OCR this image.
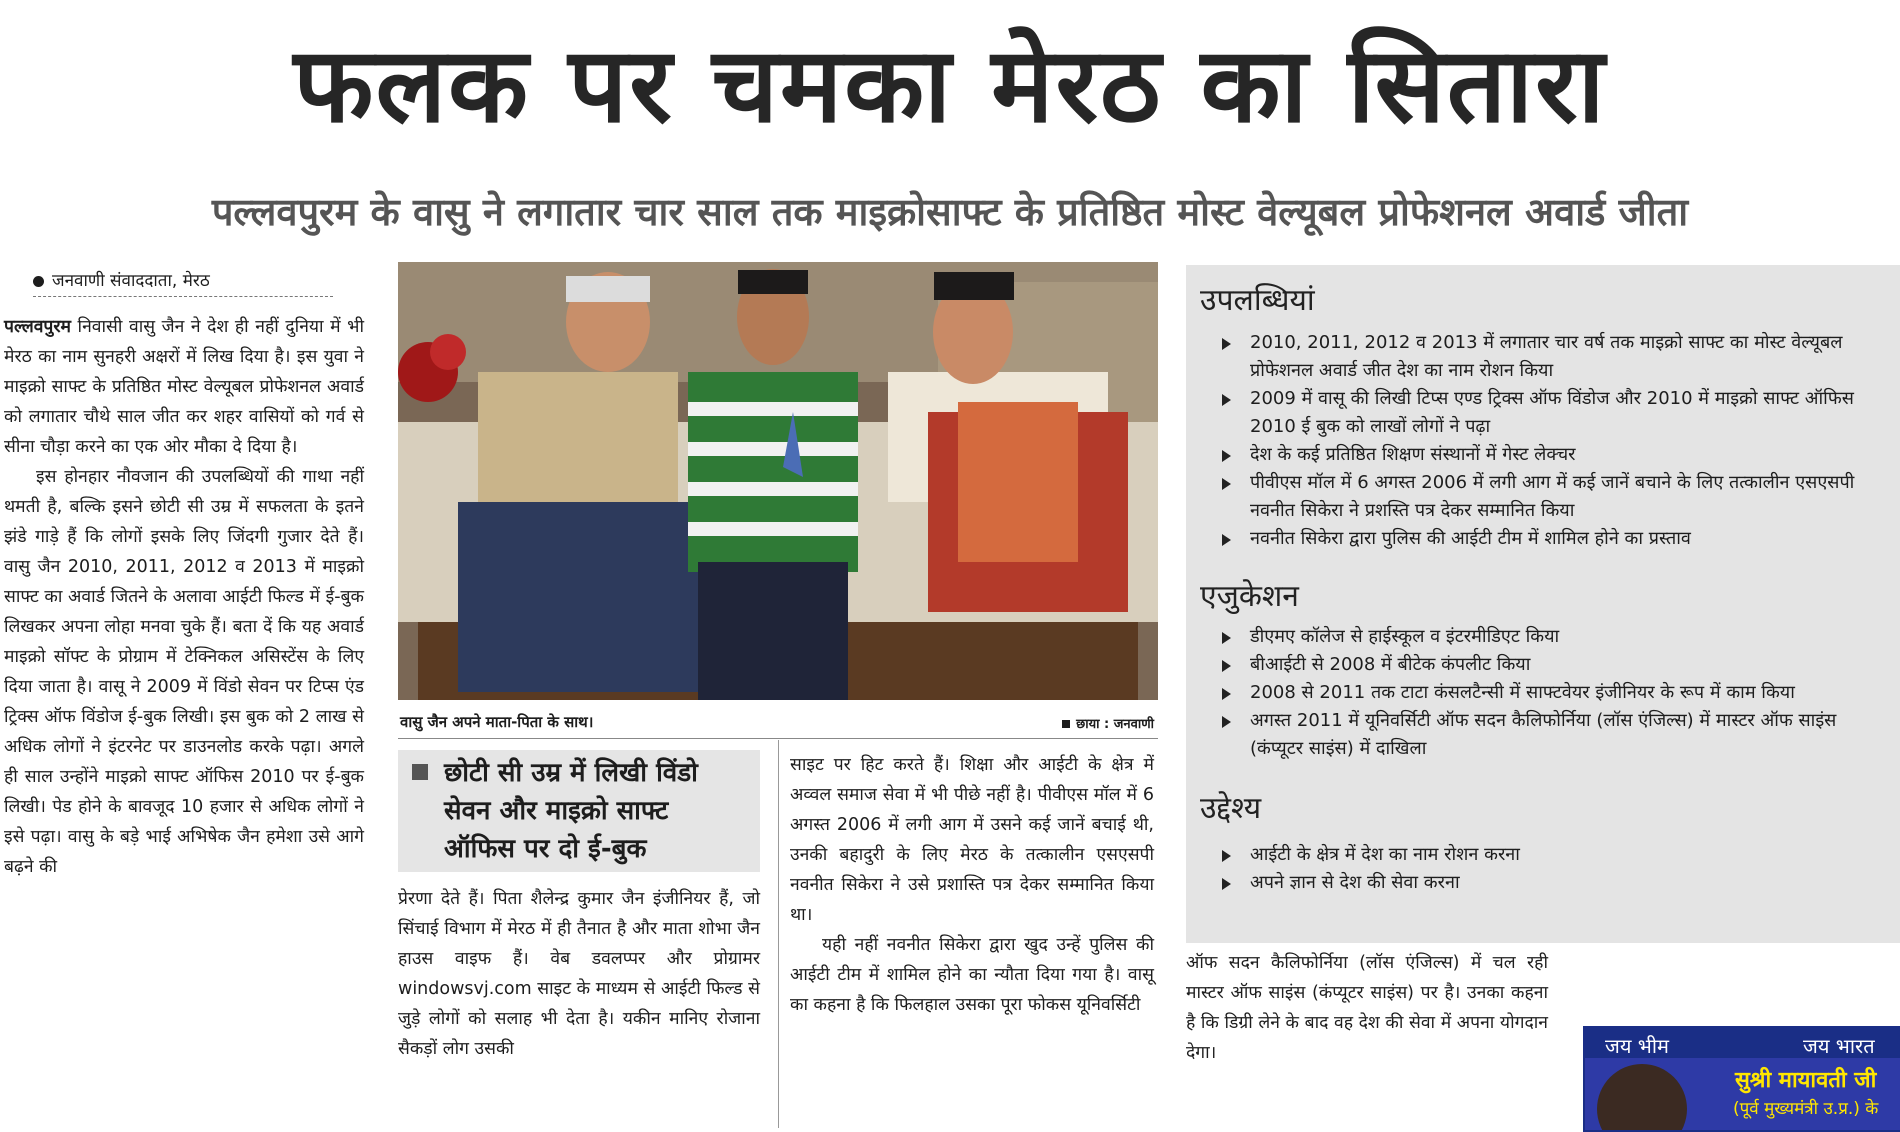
फलक पर चमका मेरठ का सितारा
पल्लवपुरम के वासु ने लगातार चार साल तक माइक्रोसाफ्ट के प्रतिष्ठित मोस्ट वेल्यूबल प्रोफेशनल अवार्ड जीता
जनवाणी संवाददाता, मेरठ

पल्लवपुरम निवासी वासु जैन ने देश ही नहीं दुनिया में भी मेरठ का नाम सुनहरी अक्षरों में लिख दिया है। इस युवा ने माइक्रो साफ्ट के प्रतिष्ठित मोस्ट वेल्यूबल प्रोफेशनल अवार्ड को लगातार चौथे साल जीत कर शहर वासियों को गर्व से सीना चौड़ा करने का एक ओर मौका दे दिया है।

इस होनहार नौवजान की उपलब्धियों की गाथा नहीं थमती है, बल्कि इसने छोटी सी उम्र में सफलता के इतने झंडे गाड़े हैं कि लोगों इसके लिए जिंदगी गुजार देते हैं। वासु जैन 2010, 2011, 2012 व 2013 में माइक्रो साफ्ट का अवार्ड जितने के अलावा आईटी फिल्ड में ई-बुक लिखकर अपना लोहा मनवा चुके हैं। बता दें कि यह अवार्ड माइक्रो सॉफ्ट के प्रोग्राम में टेक्निकल असिस्टेंस के लिए दिया जाता है। वासू ने 2009 में विंडो सेवन पर टिप्स एंड ट्रिक्स ऑफ विंडोज ई-बुक लिखी। इस बुक को 2 लाख से अधिक लोगों ने इंटरनेट पर डाउनलोड करके पढ़ा। अगले ही साल उन्होंने माइक्रो साफ्ट ऑफिस 2010 पर ई-बुक लिखी। पेड होने के बावजूद 10 हजार से अधिक लोगों ने इसे पढ़ा। वासु के बड़े भाई अभिषेक जैन हमेशा उसे आगे बढ़ने की

वासु जैन अपने माता-पिता के साथ।	छाया : जनवाणी
छोटी सी उम्र में लिखी विंडो सेवन और माइक्रो साफ्ट ऑफिस पर दो ई-बुक

प्रेरणा देते हैं। पिता शैलेन्द्र कुमार जैन इंजीनियर हैं, जो सिंचाई विभाग में मेरठ में ही तैनात है और माता शोभा जैन हाउस वाइफ हैं। वेब डवलप्पर और प्रोग्रामर windowsvj.com साइट के माध्यम से आईटी फिल्ड से जुड़े लोगों को सलाह भी देता है। यकीन मानिए रोजाना सैकड़ों लोग उसकी

साइट पर हिट करते हैं। शिक्षा और आईटी के क्षेत्र में अव्वल समाज सेवा में भी पीछे नहीं है। पीवीएस मॉल में 6 अगस्त 2006 में लगी आग में उसने कई जानें बचाई थी, उनकी बहादुरी के लिए मेरठ के तत्कालीन एसएसपी नवनीत सिकेरा ने उसे प्रशास्ति पत्र देकर सम्मानित किया था।

यही नहीं नवनीत सिकेरा द्वारा खुद उन्हें पुलिस की आईटी टीम में शामिल होने का न्यौता दिया गया है। वासू का कहना है कि फिलहाल उसका पूरा फोकस यूनिवर्सिटी

उपलब्धियां
2010, 2011, 2012 व 2013 में लगातार चार वर्ष तक माइक्रो साफ्ट का मोस्ट वेल्यूबल प्रोफेशनल अवार्ड जीत देश का नाम रोशन किया
2009 में वासू की लिखी टिप्स एण्ड ट्रिक्स ऑफ विंडोज और 2010 में माइक्रो साफ्ट ऑफिस 2010 ई बुक को लाखों लोगों ने पढ़ा
देश के कई प्रतिष्ठित शिक्षण संस्थानों में गेस्ट लेक्चर
पीवीएस मॉल में 6 अगस्त 2006 में लगी आग में कई जानें बचाने के लिए तत्कालीन एसएसपी नवनीत सिकेरा ने प्रशस्ति पत्र देकर सम्मानित किया
नवनीत सिकेरा द्वारा पुलिस की आईटी टीम में शामिल होने का प्रस्ताव
एजुकेशन
डीएमए कॉलेज से हाईस्कूल व इंटरमीडिएट किया
बीआईटी से 2008 में बीटेक कंपलीट किया
2008 से 2011 तक टाटा कंसलटैन्सी में साफ्टवेयर इंजीनियर के रूप में काम किया
अगस्त 2011 में यूनिवर्सिटी ऑफ सदन कैलिफोर्निया (लॉस एंजिल्स) में मास्टर ऑफ साइंस (कंप्यूटर साइंस) में दाखिला
उद्देश्य
आईटी के क्षेत्र में देश का नाम रोशन करना
अपने ज्ञान से देश की सेवा करना

ऑफ सदन कैलिफोर्निया (लॉस एंजिल्स) में चल रही मास्टर ऑफ साइंस (कंप्यूटर साइंस) पर है। उनका कहना है कि डिग्री लेने के बाद वह देश की सेवा में अपना योगदान देगा।	जय भीम	जय भारत
सुश्री मायावती जी
(पूर्व मुख्यमंत्री उ.प्र.) के
